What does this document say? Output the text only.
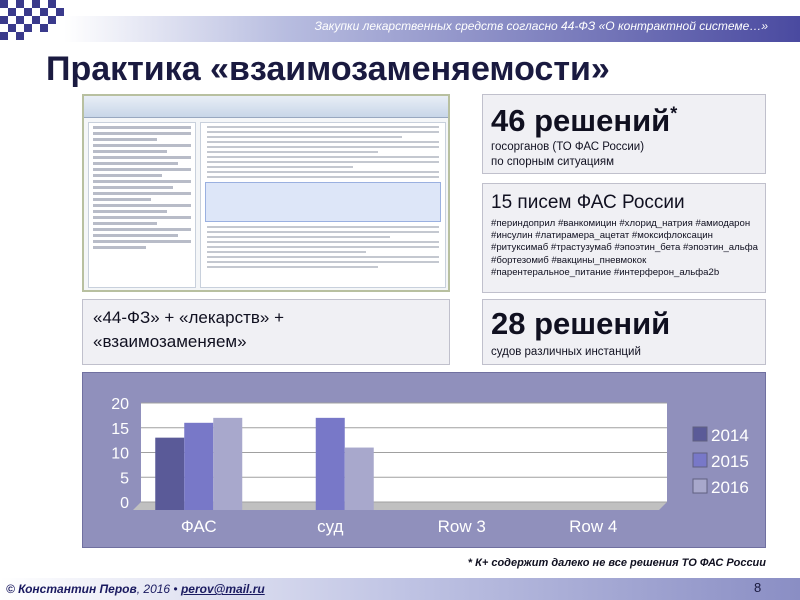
Закупки лекарственных средств согласно 44-ФЗ «О контрактной системе…»
Практика «взаимозаменяемости»
46 решений*
госорганов (ТО ФАС России)
по спорным ситуациям
15 писем ФАС России
#периндоприл #ванкомицин #хлорид_натрия #амиодарон #инсулин #латирамера_ацетат #моксифлоксацин #ритуксимаб #трастузумаб #эпоэтин_бета #эпоэтин_альфа #бортезомиб #вакцины_пневмокок #парентеральное_питание #интерферон_альфа2b
«44-ФЗ» + «лекарств» +
«взаимозаменяем»
28 решений
судов различных инстанций
0
5
10
15
20
ФАС	суд	Row 3	Row 4
2014
2015
2016
* К+ содержит далеко не все решения ТО ФАС России
© Константин Перов, 2016 • perov@mail.ru	8
